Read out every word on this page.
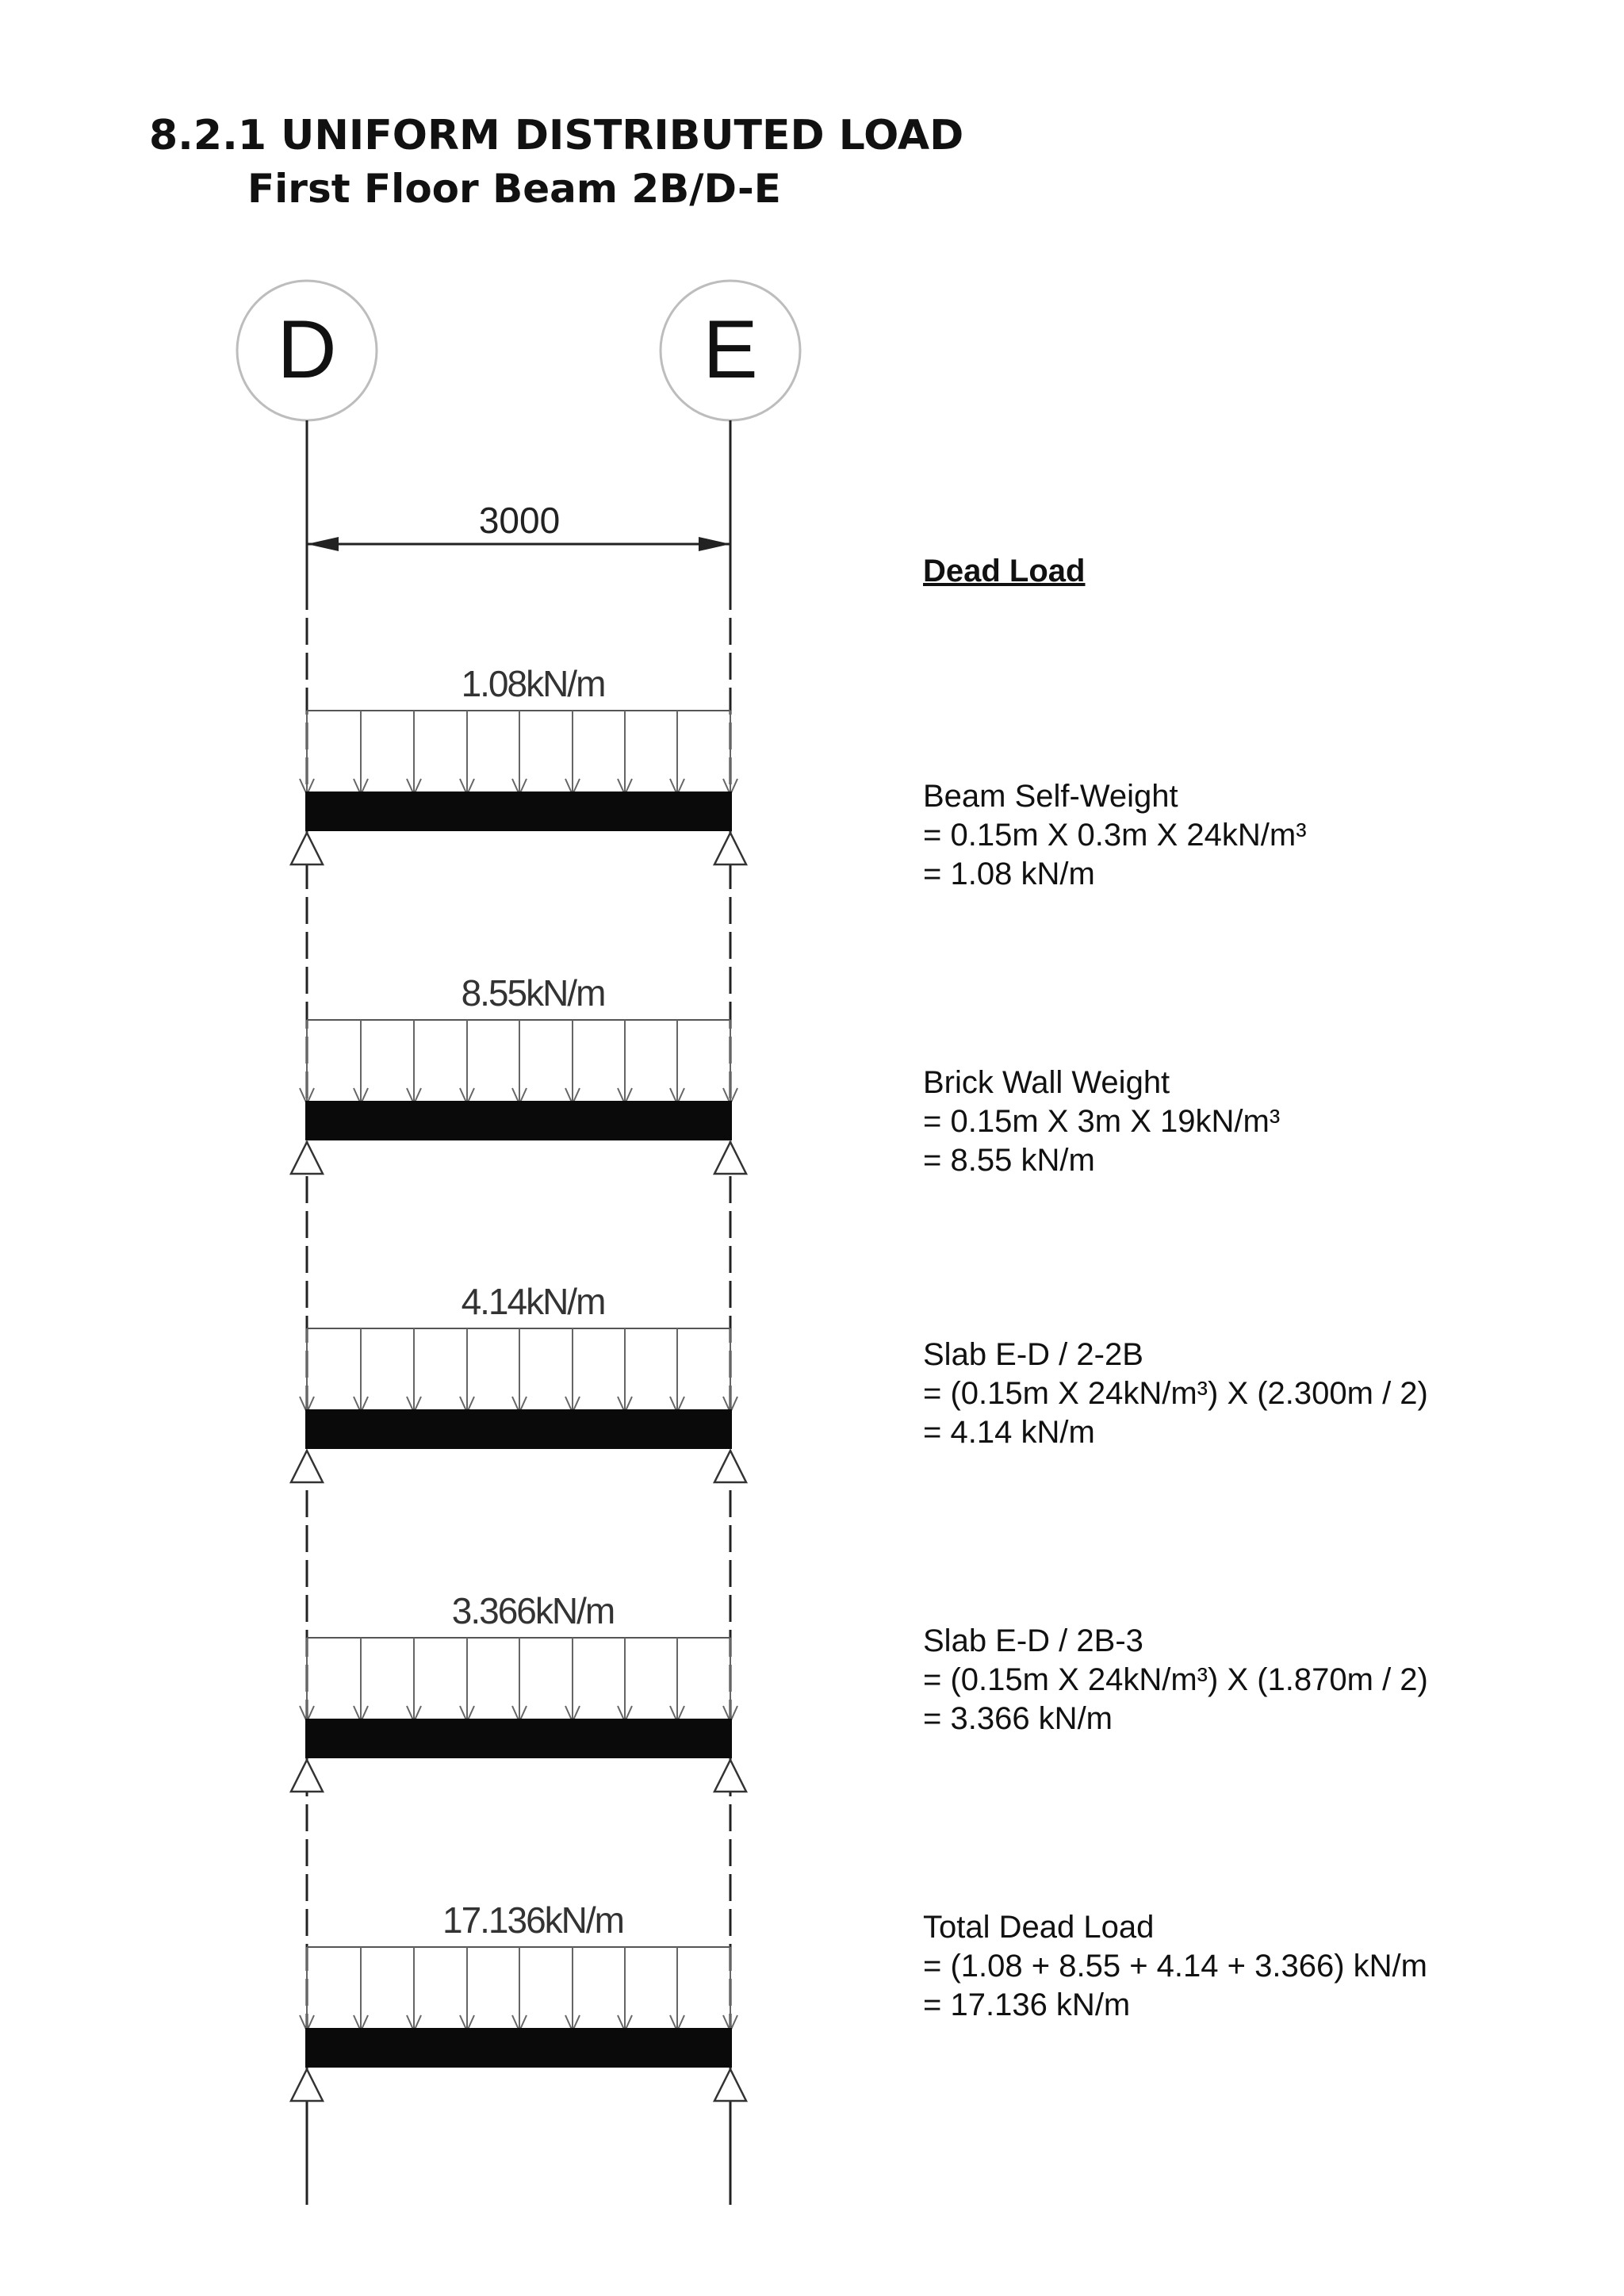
8.2.1 UNIFORM DISTRIBUTED LOAD
First Floor Beam 2B/D-E
D	E
3000
1.08kN/m
8.55kN/m
4.14kN/m
3.366kN/m
17.136kN/m
Dead Load
Beam Self-Weight
= 0.15m X 0.3m X 24kN/m³
= 1.08 kN/m
Brick Wall Weight
= 0.15m X 3m X 19kN/m³
= 8.55 kN/m
Slab E-D / 2-2B
= (0.15m X 24kN/m³) X (2.300m / 2)
= 4.14 kN/m
Slab E-D / 2B-3
= (0.15m X 24kN/m³) X (1.870m / 2)
= 3.366 kN/m
Total Dead Load
= (1.08 + 8.55 + 4.14 + 3.366) kN/m
= 17.136 kN/m
